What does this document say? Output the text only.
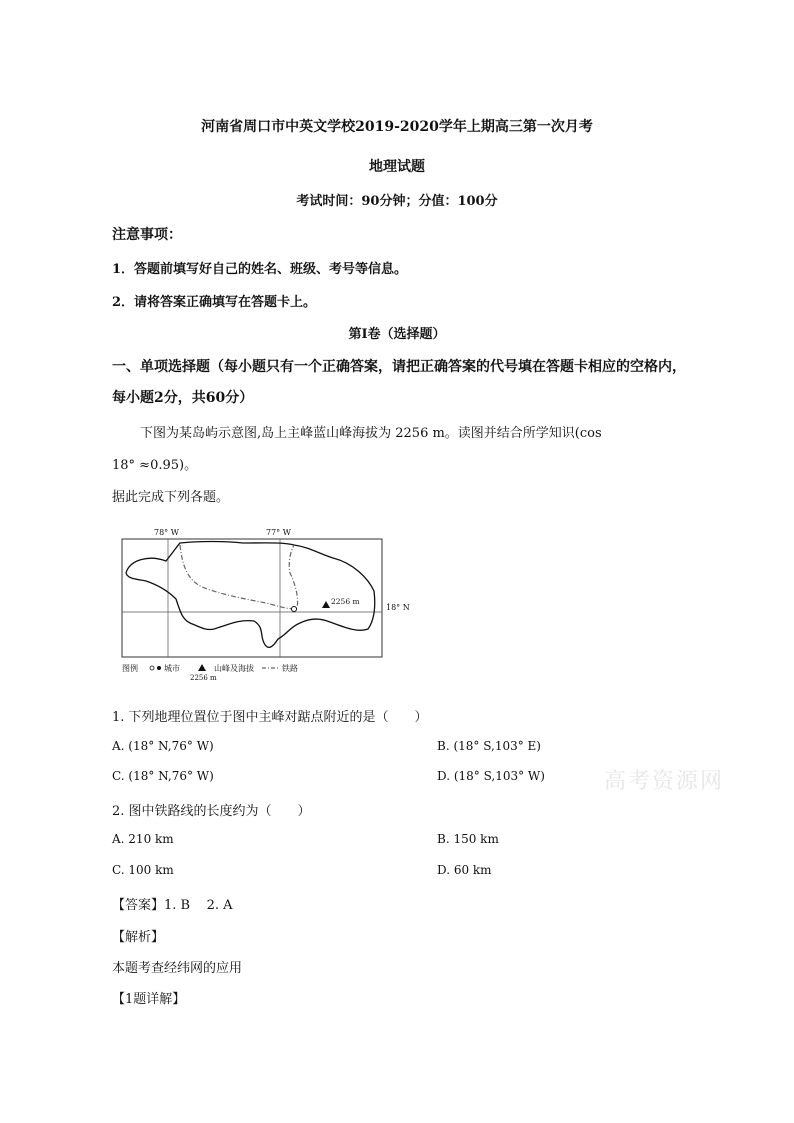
河南省周口市中英文学校2019-2020学年上期高三第一次月考
地理试题
考试时间：90分钟；分值：100分
注意事项：
1．答题前填写好自己的姓名、班级、考号等信息。
2．请将答案正确填写在答题卡上。
第I卷（选择题）
一、单项选择题（每小题只有一个正确答案，请把正确答案的代号填在答题卡相应的空格内，
每小题2分，共60分）
下图为某岛屿示意图,岛上主峰蓝山峰海拔为 2256 m。读图并结合所学知识(cos
18° ≈0.95)。
据此完成下列各题。
78° W	77° W
18° N
2256 m
图例	城市	山峰及海拔
2256 m
铁路
1. 下列地理位置位于图中主峰对踮点附近的是（　　）
A. (18° N,76° W)	B. (18° S,103° E)
C. (18° N,76° W)	D. (18° S,103° W)	高考资源网
2. 图中铁路线的长度约为（　　）
A. 210 km	B. 150 km
C. 100 km	D. 60 km
【答案】1. B    2. A
【解析】
本题考查经纬网的应用
【1题详解】
